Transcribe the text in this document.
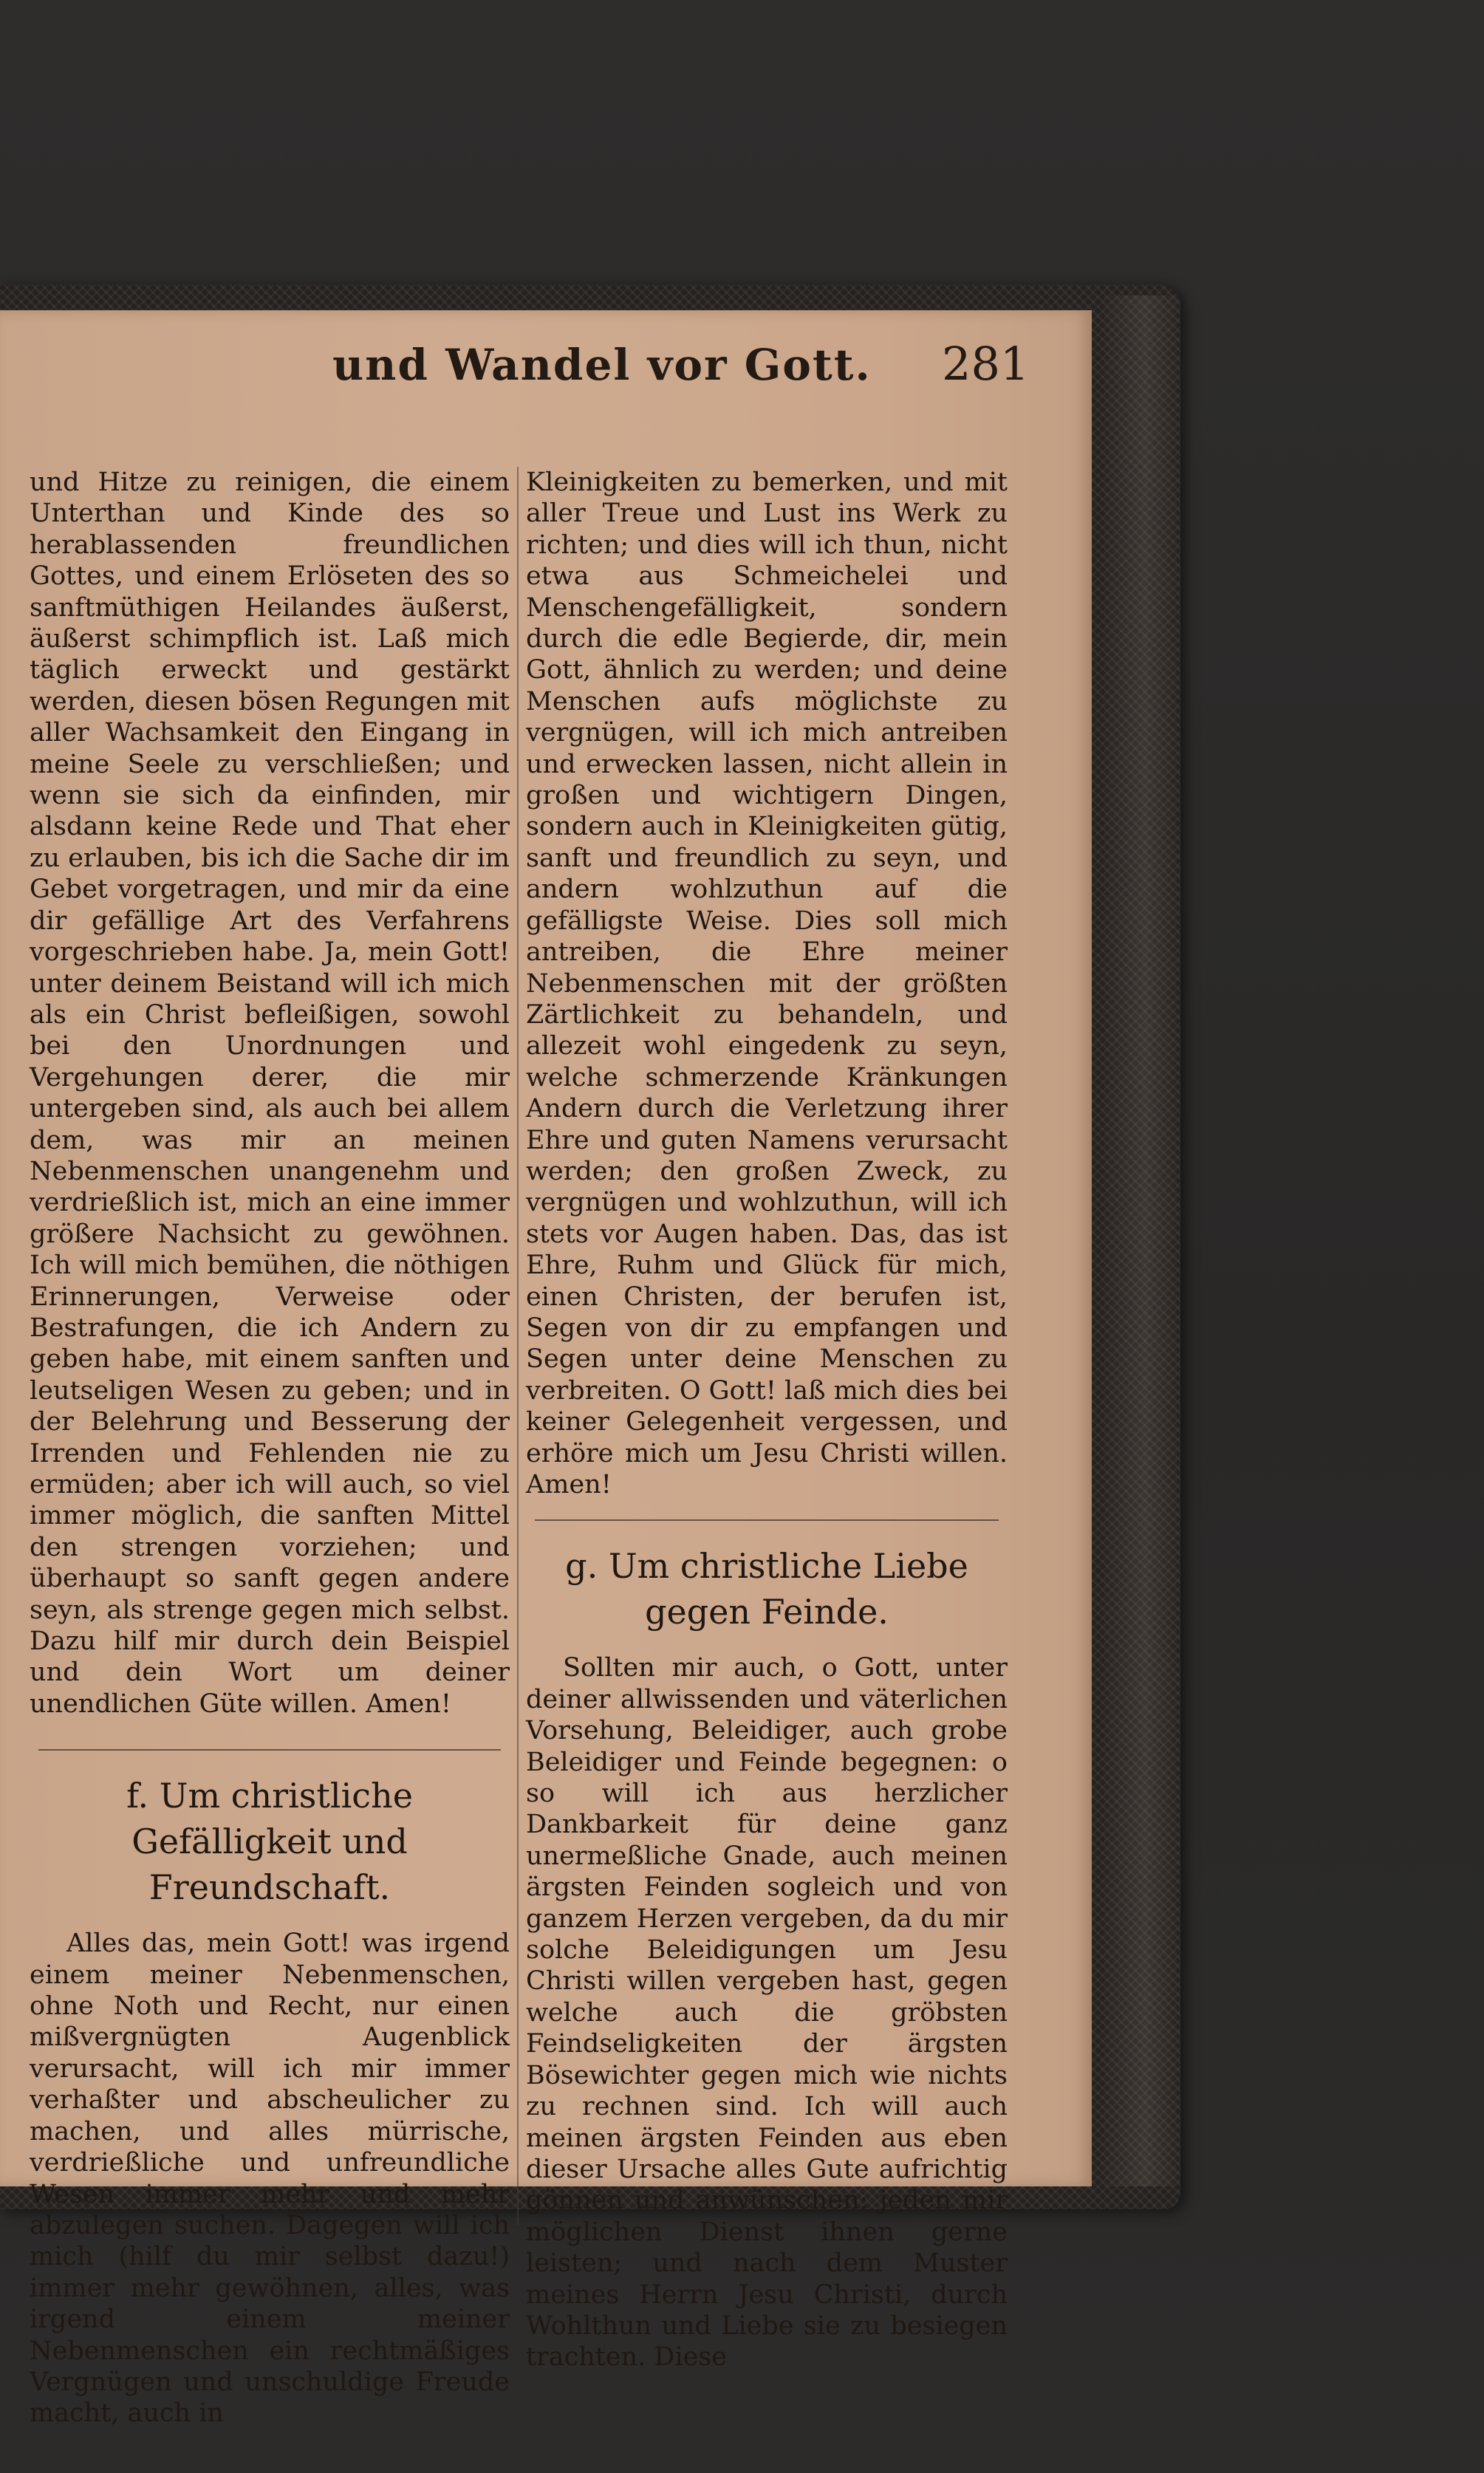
und Wandel vor Gott. 281

und Hitze zu reinigen, die einem Unterthan und Kinde des so herablassenden freundlichen Gottes, und einem Erlöseten des so sanftmüthigen Heilandes äußerst, äußerst schimpflich ist. Laß mich täglich erweckt und gestärkt werden, diesen bösen Regungen mit aller Wachsamkeit den Eingang in meine Seele zu verschließen; und wenn sie sich da einfinden, mir alsdann keine Rede und That eher zu erlauben, bis ich die Sache dir im Gebet vorgetragen, und mir da eine dir gefällige Art des Verfahrens vorgeschrieben habe. Ja, mein Gott! unter deinem Beistand will ich mich als ein Christ befleißigen, sowohl bei den Unordnungen und Vergehungen derer, die mir untergeben sind, als auch bei allem dem, was mir an meinen Nebenmenschen unangenehm und verdrießlich ist, mich an eine immer größere Nachsicht zu gewöhnen. Ich will mich bemühen, die nöthigen Erinnerungen, Verweise oder Bestrafungen, die ich Andern zu geben habe, mit einem sanften und leutseligen Wesen zu geben; und in der Belehrung und Besserung der Irrenden und Fehlenden nie zu ermüden; aber ich will auch, so viel immer möglich, die sanften Mittel den strengen vorziehen; und überhaupt so sanft gegen andere seyn, als strenge gegen mich selbst. Dazu hilf mir durch dein Beispiel und dein Wort um deiner unendlichen Güte willen. Amen!

f. Um christliche Gefälligkeit und Freundschaft.

Alles das, mein Gott! was irgend einem meiner Nebenmenschen, ohne Noth und Recht, nur einen mißvergnügten Augenblick verursacht, will ich mir immer verhaßter und abscheulicher zu machen, und alles mürrische, verdrießliche und unfreundliche Wesen immer mehr und mehr abzulegen suchen. Dagegen will ich mich (hilf du mir selbst dazu!) immer mehr gewöhnen, alles, was irgend einem meiner Nebenmenschen ein rechtmäßiges Vergnügen und unschuldige Freude macht, auch in

Kleinigkeiten zu bemerken, und mit aller Treue und Lust ins Werk zu richten; und dies will ich thun, nicht etwa aus Schmeichelei und Menschengefälligkeit, sondern durch die edle Begierde, dir, mein Gott, ähnlich zu werden; und deine Menschen aufs möglichste zu vergnügen, will ich mich antreiben und erwecken lassen, nicht allein in großen und wichtigern Dingen, sondern auch in Kleinigkeiten gütig, sanft und freundlich zu seyn, und andern wohlzuthun auf die gefälligste Weise. Dies soll mich antreiben, die Ehre meiner Nebenmenschen mit der größten Zärtlichkeit zu behandeln, und allezeit wohl eingedenk zu seyn, welche schmerzende Kränkungen Andern durch die Verletzung ihrer Ehre und guten Namens verursacht werden; den großen Zweck, zu vergnügen und wohlzuthun, will ich stets vor Augen haben. Das, das ist Ehre, Ruhm und Glück für mich, einen Christen, der berufen ist, Segen von dir zu empfangen und Segen unter deine Menschen zu verbreiten. O Gott! laß mich dies bei keiner Gelegenheit vergessen, und erhöre mich um Jesu Christi willen. Amen!

g. Um christliche Liebe gegen Feinde.

Sollten mir auch, o Gott, unter deiner allwissenden und väterlichen Vorsehung, Beleidiger, auch grobe Beleidiger und Feinde begegnen: o so will ich aus herzlicher Dankbarkeit für deine ganz unermeßliche Gnade, auch meinen ärgsten Feinden sogleich und von ganzem Herzen vergeben, da du mir solche Beleidigungen um Jesu Christi willen vergeben hast, gegen welche auch die gröbsten Feindseligkeiten der ärgsten Bösewichter gegen mich wie nichts zu rechnen sind. Ich will auch meinen ärgsten Feinden aus eben dieser Ursache alles Gute aufrichtig gönnen und anwünschen: jeden mir möglichen Dienst ihnen gerne leisten; und nach dem Muster meines Herrn Jesu Christi, durch Wohlthun und Liebe sie zu besiegen trachten. Diese
